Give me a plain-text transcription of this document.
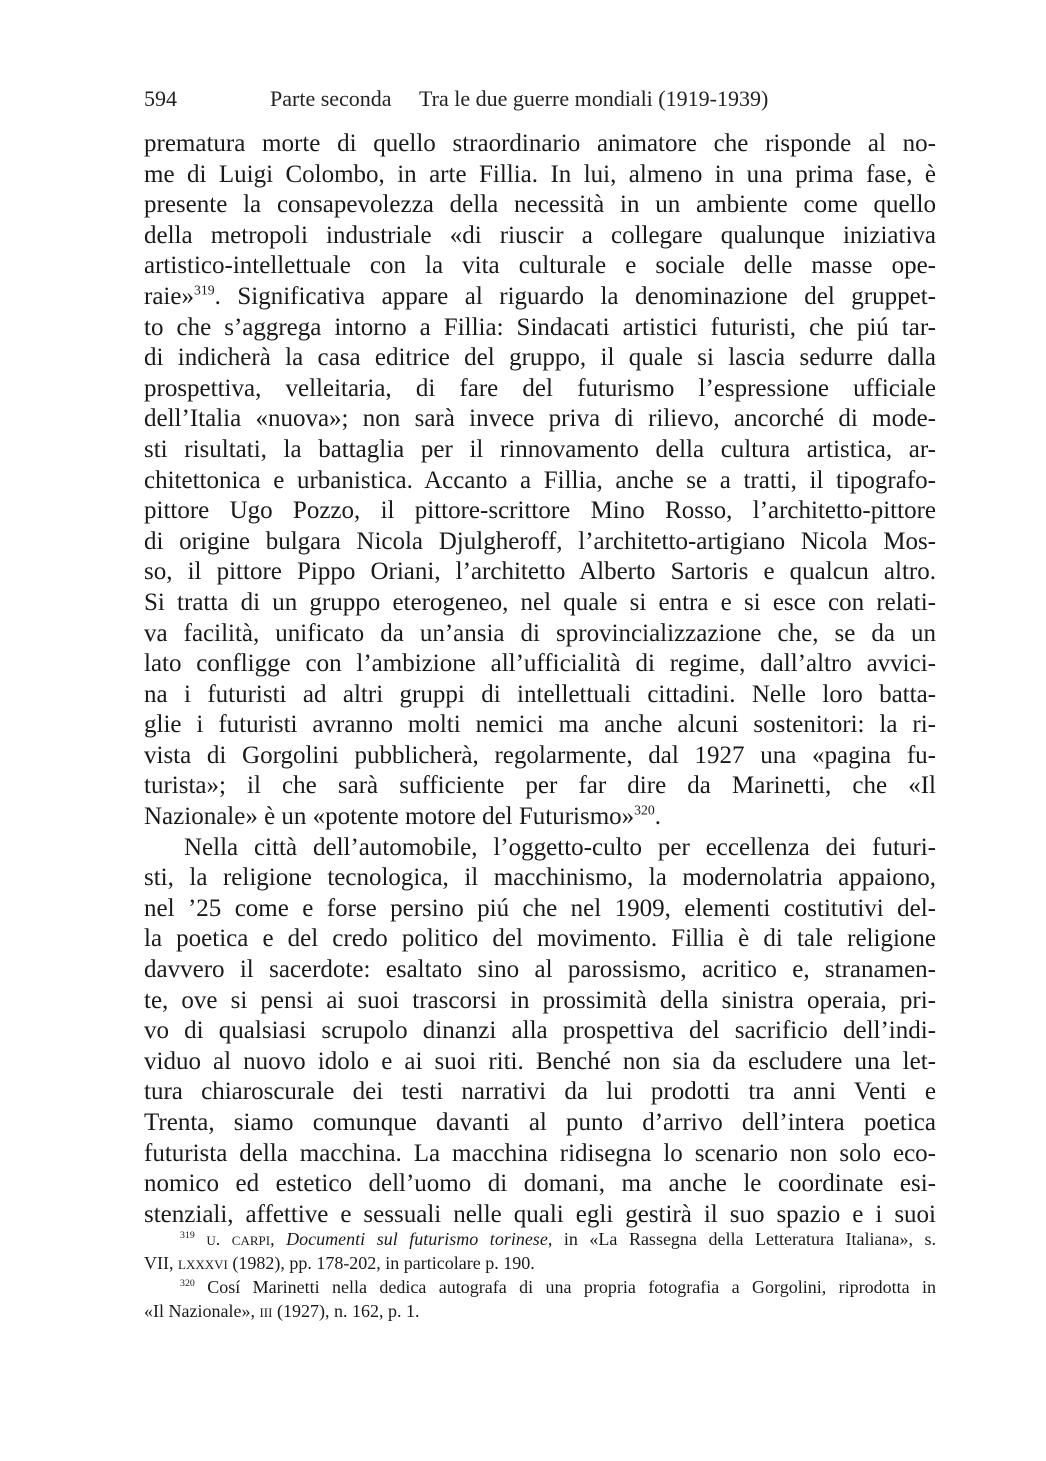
594	Parte seconda Tra le due guerre mondiali (1919-1939)
prematura morte di quello straordinario animatore che risponde al no-
me di Luigi Colombo, in arte Fillia. In lui, almeno in una prima fase, è
presente la consapevolezza della necessità in un ambiente come quello
della metropoli industriale «di riuscir a collegare qualunque iniziativa
artistico-intellettuale con la vita culturale e sociale delle masse ope-
raie»$^{319}$. Significativa appare al riguardo la denominazione del gruppet-
to che s’aggrega intorno a Fillia: Sindacati artistici futuristi, che piú tar-
di indicherà la casa editrice del gruppo, il quale si lascia sedurre dalla
prospettiva, velleitaria, di fare del futurismo l’espressione ufficiale
dell’Italia «nuova»; non sarà invece priva di rilievo, ancorché di mode-
sti risultati, la battaglia per il rinnovamento della cultura artistica, ar-
chitettonica e urbanistica. Accanto a Fillia, anche se a tratti, il tipografo-
pittore Ugo Pozzo, il pittore-scrittore Mino Rosso, l’architetto-pittore
di origine bulgara Nicola Djulgheroff, l’architetto-artigiano Nicola Mos-
so, il pittore Pippo Oriani, l’architetto Alberto Sartoris e qualcun altro.
Si tratta di un gruppo eterogeneo, nel quale si entra e si esce con relati-
va facilità, unificato da un’ansia di sprovincializzazione che, se da un
lato confligge con l’ambizione all’ufficialità di regime, dall’altro avvici-
na i futuristi ad altri gruppi di intellettuali cittadini. Nelle loro batta-
glie i futuristi avranno molti nemici ma anche alcuni sostenitori: la ri-
vista di Gorgolini pubblicherà, regolarmente, dal 1927 una «pagina fu-
turista»; il che sarà sufficiente per far dire da Marinetti, che «Il
Nazionale» è un «potente motore del Futurismo»$^{320}$.
Nella città dell’automobile, l’oggetto-culto per eccellenza dei futuri-
sti, la religione tecnologica, il macchinismo, la modernolatria appaiono,
nel ’25 come e forse persino piú che nel 1909, elementi costitutivi del-
la poetica e del credo politico del movimento. Fillia è di tale religione
davvero il sacerdote: esaltato sino al parossismo, acritico e, stranamen-
te, ove si pensi ai suoi trascorsi in prossimità della sinistra operaia, pri-
vo di qualsiasi scrupolo dinanzi alla prospettiva del sacrificio dell’indi-
viduo al nuovo idolo e ai suoi riti. Benché non sia da escludere una let-
tura chiaroscurale dei testi narrativi da lui prodotti tra anni Venti e
Trenta, siamo comunque davanti al punto d’arrivo dell’intera poetica
futurista della macchina. La macchina ridisegna lo scenario non solo eco-
nomico ed estetico dell’uomo di domani, ma anche le coordinate esi-
stenziali, affettive e sessuali nelle quali egli gestirà il suo spazio e i suoi
$^{319}$ u. carpi, Documenti sul futurismo torinese, in «La Rassegna della Letteratura Italiana», s.
VII, lxxxvi (1982), pp. 178-202, in particolare p. 190.
$^{320}$ Cosí Marinetti nella dedica autografa di una propria fotografia a Gorgolini, riprodotta in
«Il Nazionale», iii (1927), n. 162, p. 1.
